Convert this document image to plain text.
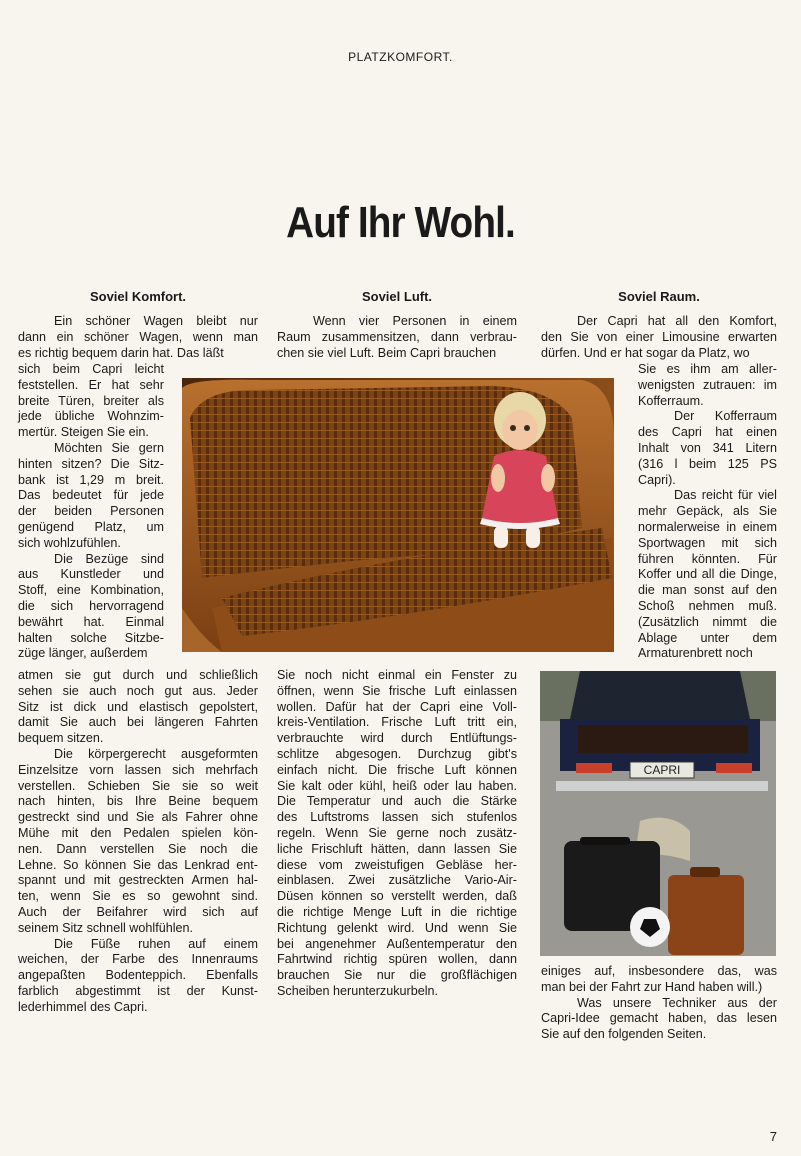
PLATZKOMFORT.
Auf Ihr Wohl.
Soviel Komfort.	Soviel Luft.	Soviel Raum.
Ein schöner Wagen bleibt nur
dann ein schöner Wagen, wenn man
es richtig bequem darin hat. Das läßt
sich beim Capri leicht
feststellen. Er hat sehr
breite Türen, breiter als
jede übliche Wohnzim-
mertür. Steigen Sie ein.
Möchten Sie gern
hinten sitzen? Die Sitz-
bank ist 1,29 m breit.
Das bedeutet für jede
der beiden Personen
genügend Platz, um
sich wohlzufühlen.
Die Bezüge sind
aus Kunstleder und
Stoff, eine Kombination,
die sich hervorragend
bewährt hat. Einmal
halten solche Sitzbe-
züge länger, außerdem
atmen sie gut durch und schließlich
sehen sie auch noch gut aus. Jeder
Sitz ist dick und elastisch gepolstert,
damit Sie auch bei längeren Fahrten
bequem sitzen.
Die körpergerecht ausgeformten
Einzelsitze vorn lassen sich mehrfach
verstellen. Schieben Sie sie so weit
nach hinten, bis Ihre Beine bequem
gestreckt sind und Sie als Fahrer ohne
Mühe mit den Pedalen spielen kön-
nen. Dann verstellen Sie noch die
Lehne. So können Sie das Lenkrad ent-
spannt und mit gestreckten Armen hal-
ten, wenn Sie es so gewohnt sind.
Auch der Beifahrer wird sich auf
seinem Sitz schnell wohlfühlen.
Die Füße ruhen auf einem
weichen, der Farbe des Innenraums
angepaßten Bodenteppich. Ebenfalls
farblich abgestimmt ist der Kunst-
lederhimmel des Capri.
Wenn vier Personen in einem
Raum zusammensitzen, dann verbrau-
chen sie viel Luft. Beim Capri brauchen
Sie noch nicht einmal ein Fenster zu
öffnen, wenn Sie frische Luft einlassen
wollen. Dafür hat der Capri eine Voll-
kreis-Ventilation. Frische Luft tritt ein,
verbrauchte wird durch Entlüftungs-
schlitze abgesogen. Durchzug gibt's
einfach nicht. Die frische Luft können
Sie kalt oder kühl, heiß oder lau haben.
Die Temperatur und auch die Stärke
des Luftstroms lassen sich stufenlos
regeln. Wenn Sie gerne noch zusätz-
liche Frischluft hätten, dann lassen Sie
diese vom zweistufigen Gebläse her-
einblasen. Zwei zusätzliche Vario-Air-
Düsen können so verstellt werden, daß
die richtige Menge Luft in die richtige
Richtung gelenkt wird. Und wenn Sie
bei angenehmer Außentemperatur den
Fahrtwind richtig spüren wollen, dann
brauchen Sie nur die großflächigen
Scheiben herunterzukurbeln.
Der Capri hat all den Komfort,
den Sie von einer Limousine erwarten
dürfen. Und er hat sogar da Platz, wo
Sie es ihm am aller-
wenigsten zutrauen: im
Kofferraum.
Der Kofferraum
des Capri hat einen
Inhalt von 341 Litern
(316 l beim 125 PS
Capri).
Das reicht für viel
mehr Gepäck, als Sie
normalerweise in einem
Sportwagen mit sich
führen könnten. Für
Koffer und all die Dinge,
die man sonst auf den
Schoß nehmen muß.
(Zusätzlich nimmt die
Ablage unter dem
Armaturenbrett noch
einiges auf, insbesondere das, was
man bei der Fahrt zur Hand haben will.)
Was unsere Techniker aus der
Capri-Idee gemacht haben, das lesen
Sie auf den folgenden Seiten.
CAPRI
7
